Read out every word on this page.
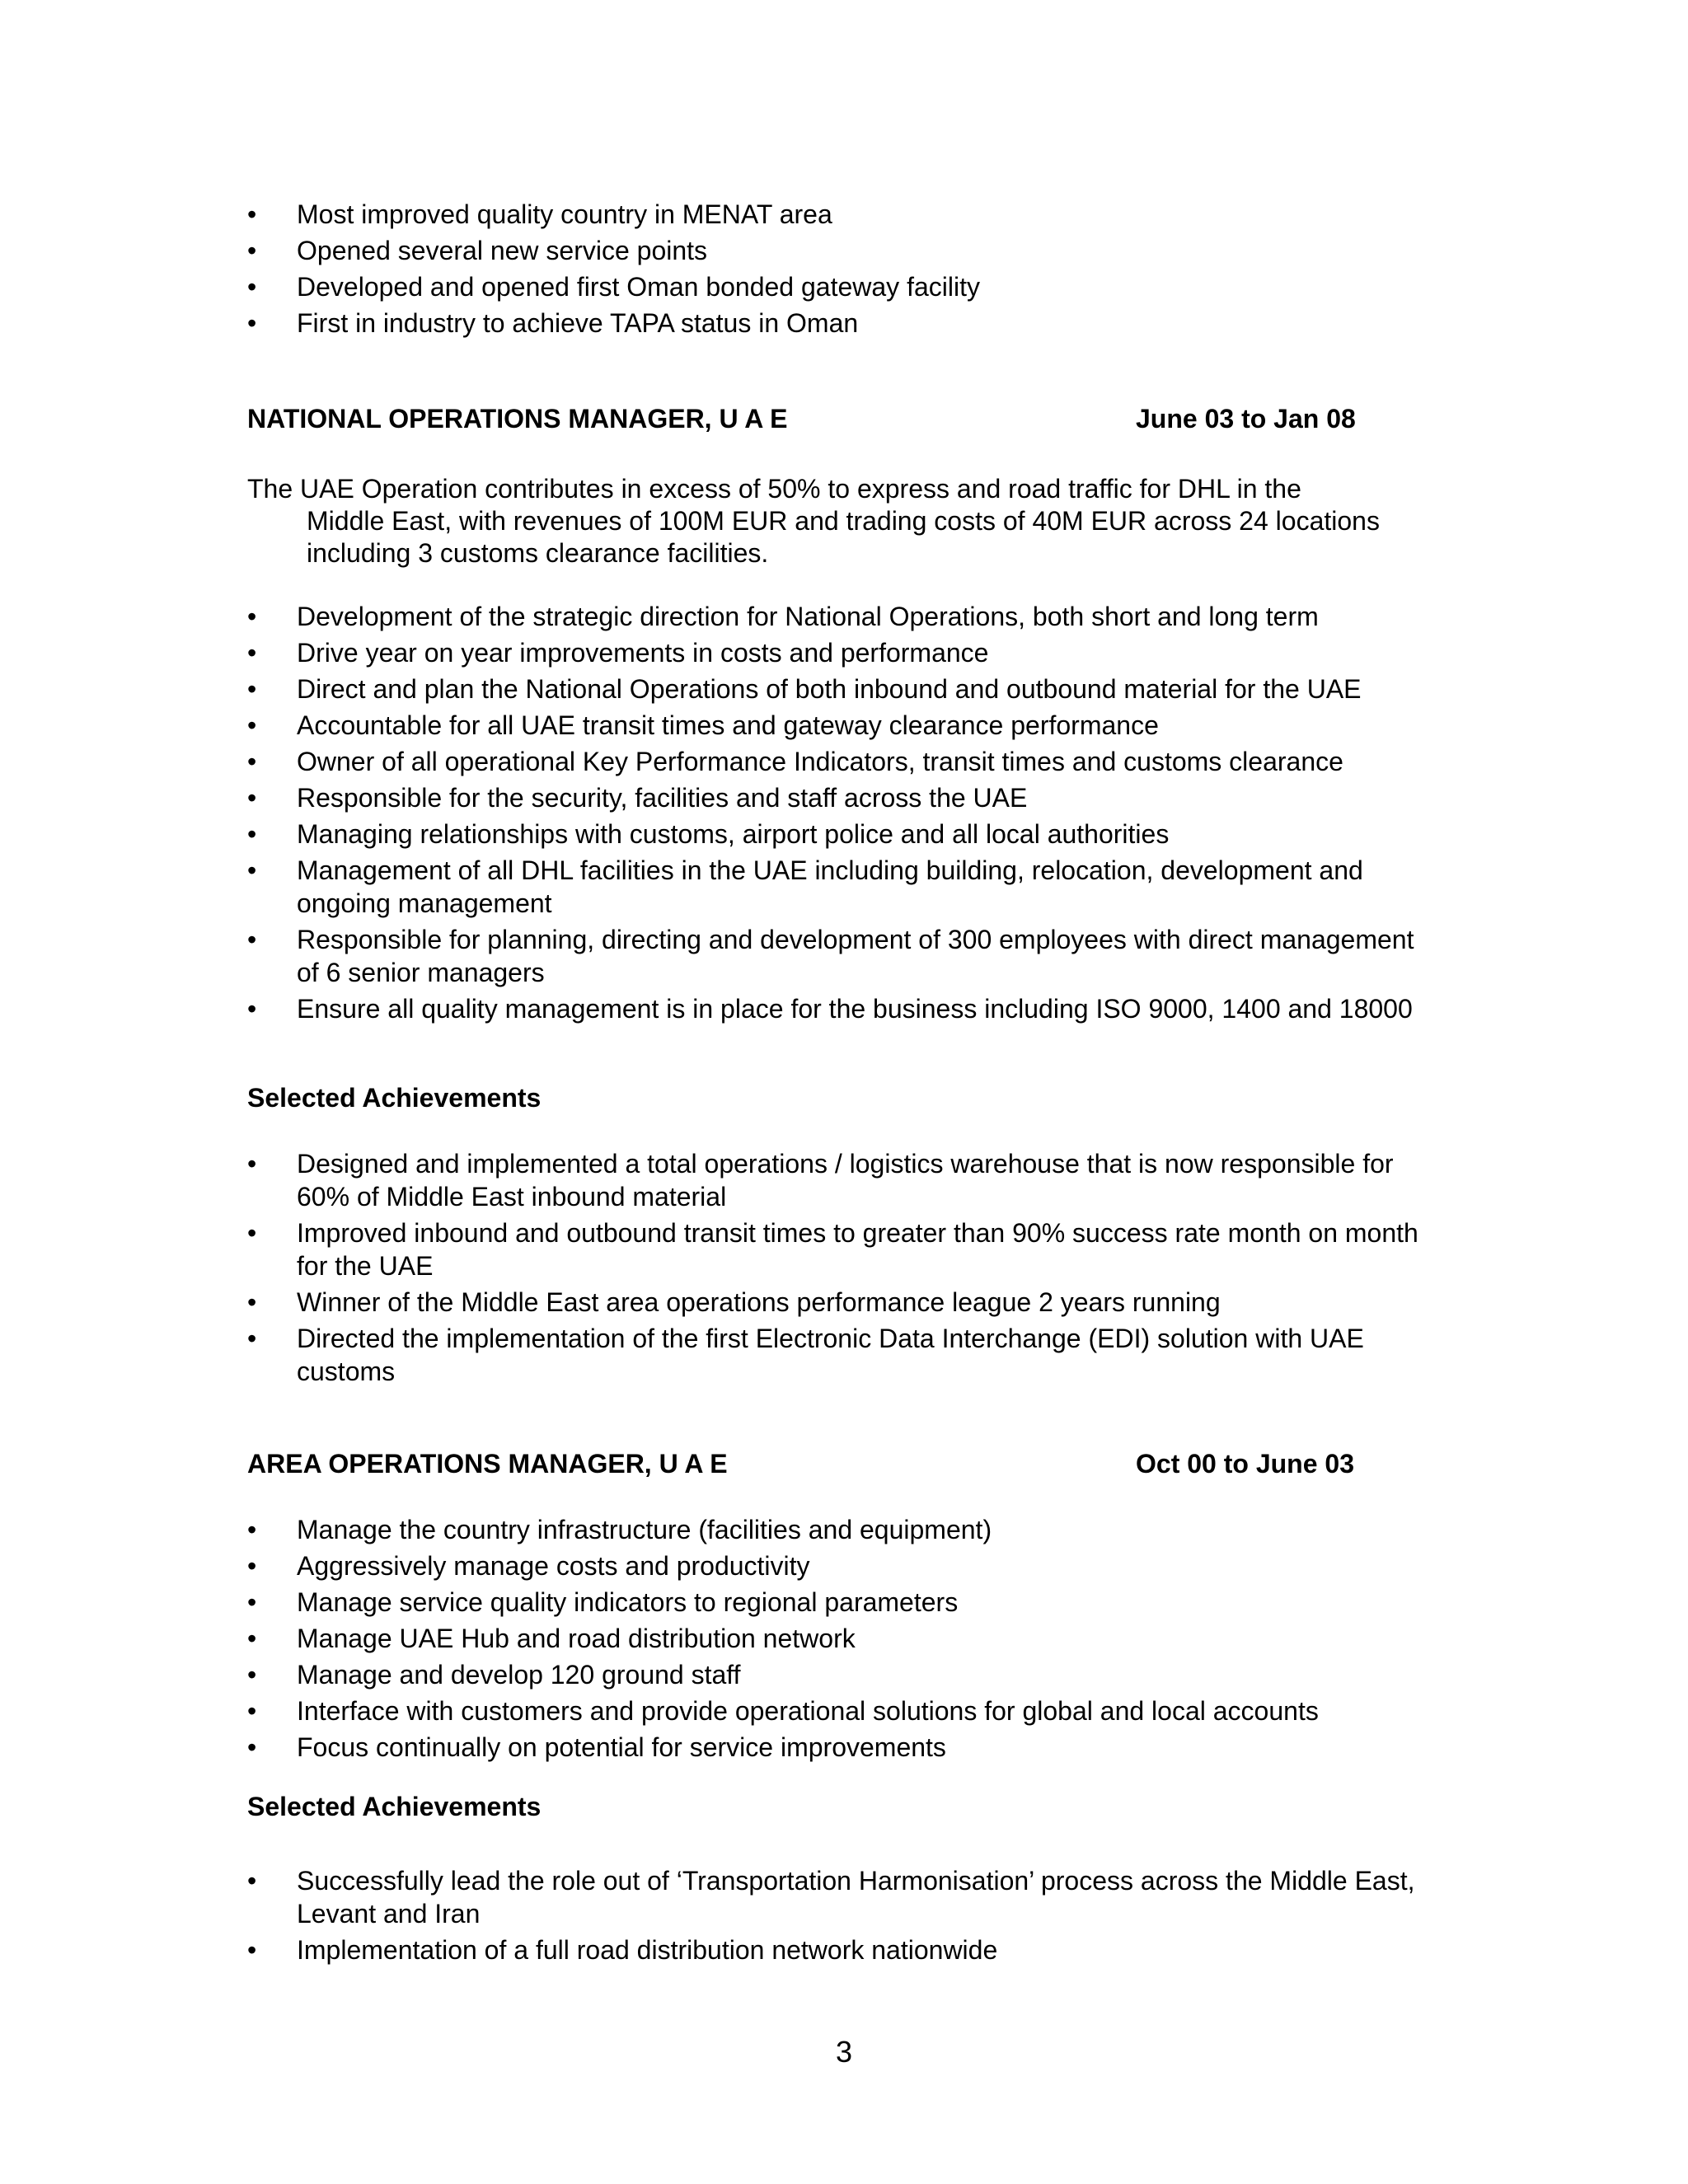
•	Most improved quality country in MENAT area
•	Opened several new service points
•	Developed and opened first Oman bonded gateway facility
•	First in industry to achieve TAPA status in Oman
NATIONAL OPERATIONS MANAGER, U A E	June 03 to Jan 08
The UAE Operation contributes in excess of 50% to express and road traffic for DHL in the
Middle East, with revenues of 100M EUR and trading costs of 40M EUR across 24 locations
including 3 customs clearance facilities.
•	Development of the strategic direction for National Operations, both short and long term
•	Drive year on year improvements in costs and performance
•	Direct and plan the National Operations of both inbound and outbound material for the UAE
•	Accountable for all UAE transit times and gateway clearance performance
•	Owner of all operational Key Performance Indicators, transit times and customs clearance
•	Responsible for the security, facilities and staff across the UAE
•	Managing relationships with customs, airport police and all local authorities
•	Management of all DHL facilities in the UAE including building, relocation, development and ongoing management
•	Responsible for planning, directing and development of 300 employees with direct management of 6 senior managers
•	Ensure all quality management is in place for the business including ISO 9000, 1400 and 18000
Selected Achievements
•	Designed and implemented a total operations / logistics warehouse that is now responsible for 60% of Middle East inbound material
•	Improved inbound and outbound transit times to greater than 90% success rate month on month for the UAE
•	Winner of the Middle East area operations performance league 2 years running
•	Directed the implementation of the first Electronic Data Interchange (EDI) solution with UAE customs
AREA OPERATIONS MANAGER, U A E	Oct 00 to June 03
•	Manage the country infrastructure (facilities and equipment)
•	Aggressively manage costs and productivity
•	Manage service quality indicators to regional parameters
•	Manage UAE Hub and road distribution network
•	Manage and develop 120 ground staff
•	Interface with customers and provide operational solutions for global and local accounts
•	Focus continually on potential for service improvements
Selected Achievements
•	Successfully lead the role out of ‘Transportation Harmonisation’ process across the Middle East, Levant and Iran
•	Implementation of a full road distribution network nationwide
3
